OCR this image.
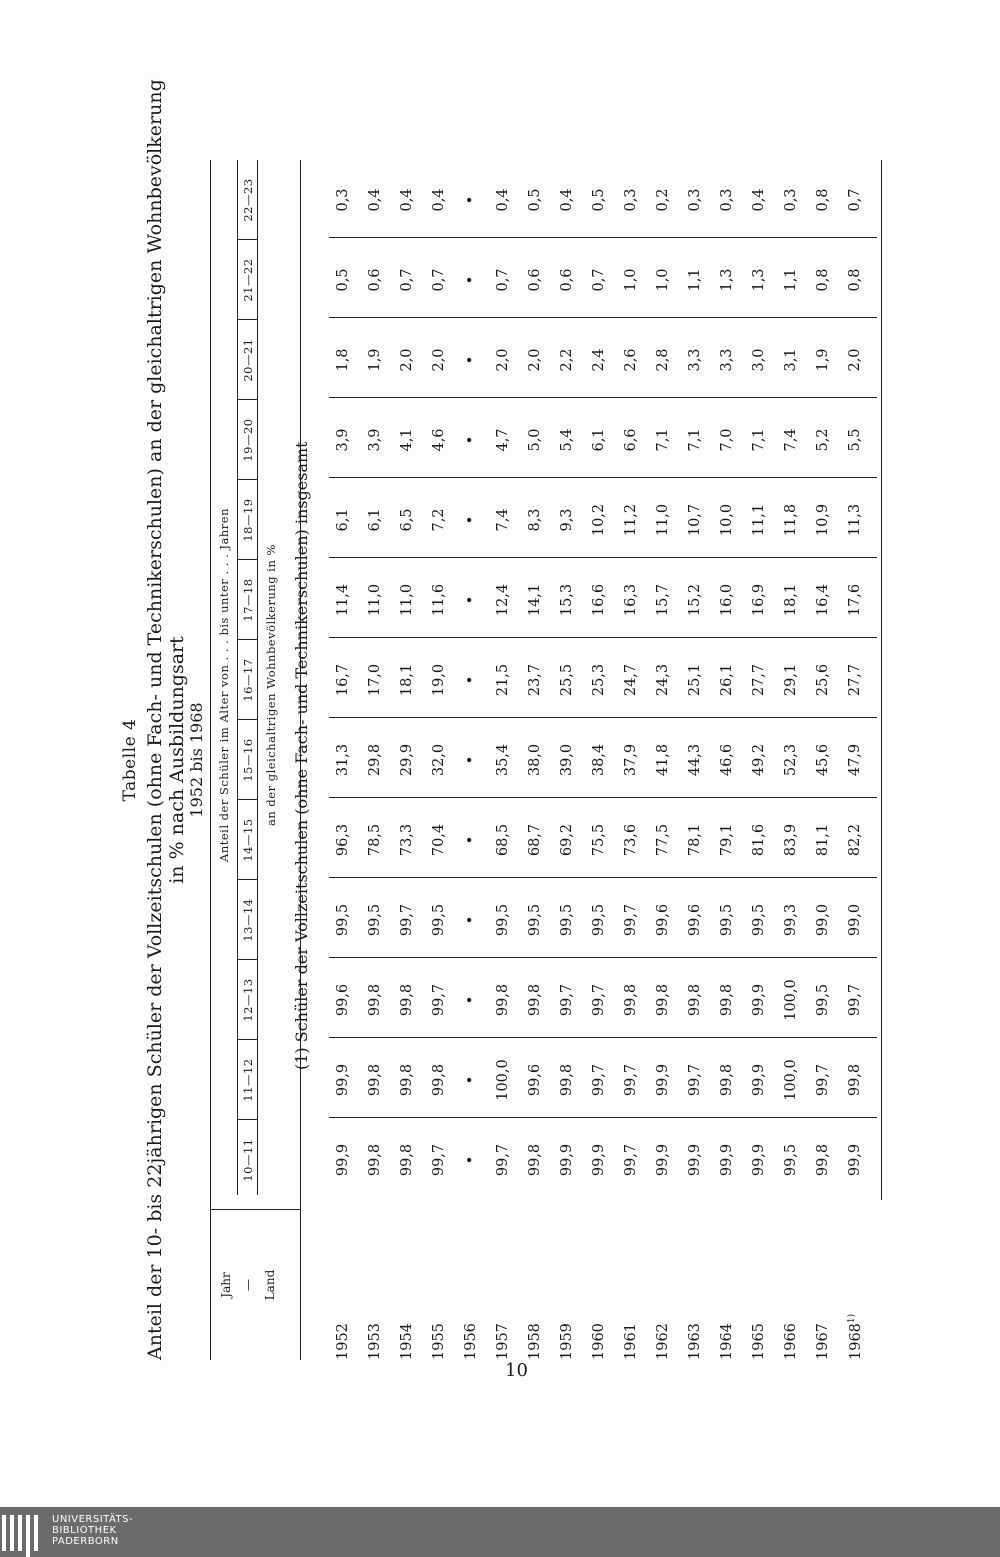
Tabelle 4 Anteil der 10- bis 22jährigen Schüler der Vollzeitschulen (ohne Fach- und Technikerschulen) an der gleichaltrigen Wohnbevölkerung in % nach Ausbildungsart 1952 bis 1968
Jahr — Land
Anteil der Schüler im Alter von . . . bis unter . . . Jahren
10—11
11—12
12—13
13—14
14—15
15—16
16—17
17—18
18—19
19—20
20—21
21—22
22—23
an der gleichaltrigen Wohnbevölkerung in % (1) Schüler der Vollzeitschulen (ohne Fach- und Technikerschulen) insgesamt
1952
99,9
99,9
99,6
99,5
96,3
31,3
16,7
11,4
6,1
3,9
1,8
0,5
0,3
1953
99,8
99,8
99,8
99,5
78,5
29,8
17,0
11,0
6,1
3,9
1,9
0,6
0,4
1954
99,8
99,8
99,8
99,7
73,3
29,9
18,1
11,0
6,5
4,1
2,0
0,7
0,4
1955
99,7
99,8
99,7
99,5
70,4
32,0
19,0
11,6
7,2
4,6
2,0
0,7
0,4
1956
•
•
•
•
•
•
•
•
•
•
•
•
•
1957
99,7
100,0
99,8
99,5
68,5
35,4
21,5
12,4
7,4
4,7
2,0
0,7
0,4
1958
99,8
99,6
99,8
99,5
68,7
38,0
23,7
14,1
8,3
5,0
2,0
0,6
0,5
1959
99,9
99,8
99,7
99,5
69,2
39,0
25,5
15,3
9,3
5,4
2,2
0,6
0,4
1960
99,9
99,7
99,7
99,5
75,5
38,4
25,3
16,6
10,2
6,1
2,4
0,7
0,5
1961
99,7
99,7
99,8
99,7
73,6
37,9
24,7
16,3
11,2
6,6
2,6
1,0
0,3
1962
99,9
99,9
99,8
99,6
77,5
41,8
24,3
15,7
11,0
7,1
2,8
1,0
0,2
1963
99,9
99,7
99,8
99,6
78,1
44,3
25,1
15,2
10,7
7,1
3,3
1,1
0,3
1964
99,9
99,8
99,8
99,5
79,1
46,6
26,1
16,0
10,0
7,0
3,3
1,3
0,3
1965
99,9
99,9
99,9
99,5
81,6
49,2
27,7
16,9
11,1
7,1
3,0
1,3
0,4
1966
99,5
100,0
100,0
99,3
83,9
52,3
29,1
18,1
11,8
7,4
3,1
1,1
0,3
1967
99,8
99,7
99,5
99,0
81,1
45,6
25,6
16,4
10,9
5,2
1,9
0,8
0,8
1968$^{1)}$
99,9
99,8
99,7
99,0
82,2
47,9
27,7
17,6
11,3
5,5
2,0
0,8
0,7
10
UNIVERSITÄTS-
BIBLIOTHEK
PADERBORN
